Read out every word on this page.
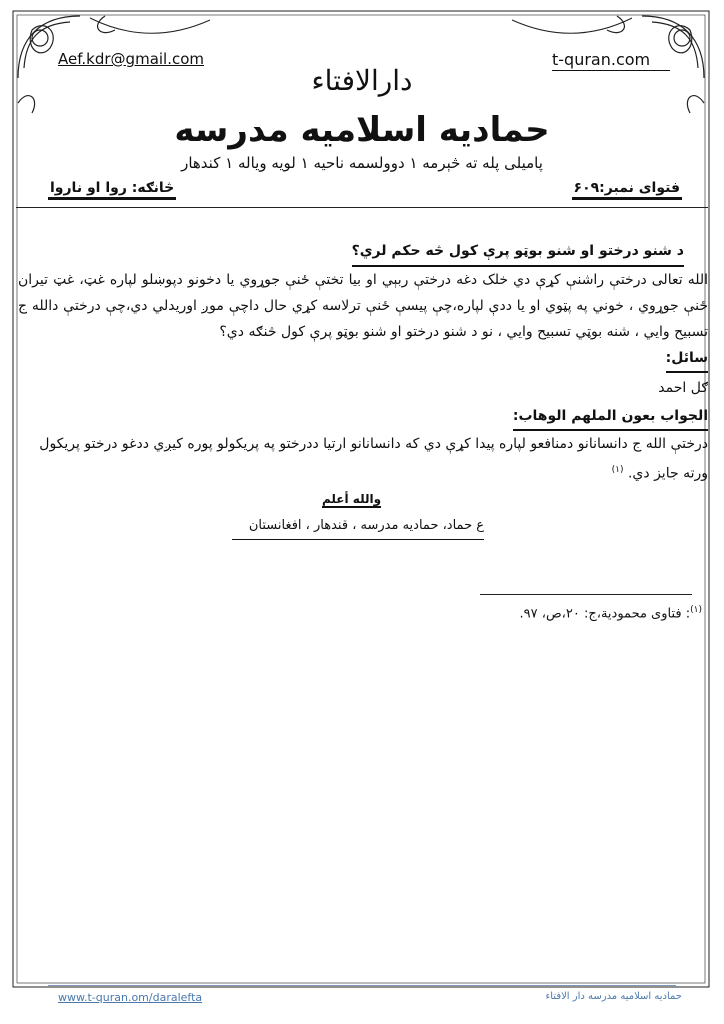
Aef.kdr@gmail.com	t-quran.com
دارالافتاء
حمادیه اسلامیه مدرسه
پامیلی پله ته څېرمه ۱ دوولسمه ناحیه ۱ لویه ویاله ۱ کندهار
فتوای نمبر:۶۰۹
څانګه: روا او ناروا
د شنو درختو او شنو بوټو پرې کول څه حکم لري؟

الله تعالی درختې راشنې کړې دي خلک دغه درختې ربېي او بیا تختې ځنې جوړوي یا دخونو دپوښلو لپاره غټ، غټ تیران ځنې جوړوي ، خوني په پټوي او یا ددې لپاره،چې پیسې ځنې ترلاسه کړي حال داچې موږ اوریدلي دي،چې درختې دالله ج تسبیح وایي ، شنه بوټي تسبیح وایي ، نو د شنو درختو او شنو بوټو پرې کول څنګه دي؟

سائل:

ګل احمد

الجواب بعون الملهم الوهاب:

درختې الله ج دانسانانو دمنافعو لپاره پیدا کړې دي که دانسانانو ارتیا ددرختو په پریکولو پوره کیږي ددغو درختو پریکول ورته جایز دي. $^{(۱)}$

والله أعلم
ع حماد، حمادیه مدرسه ، قندهار ، افغانستان
$^{(۱)}$: فتاوی محمودية،ج: ۲۰،ص، ۹۷.
www.t-quran.om/daralefta	حمادیه اسلامیه مدرسه دار الافتاء
